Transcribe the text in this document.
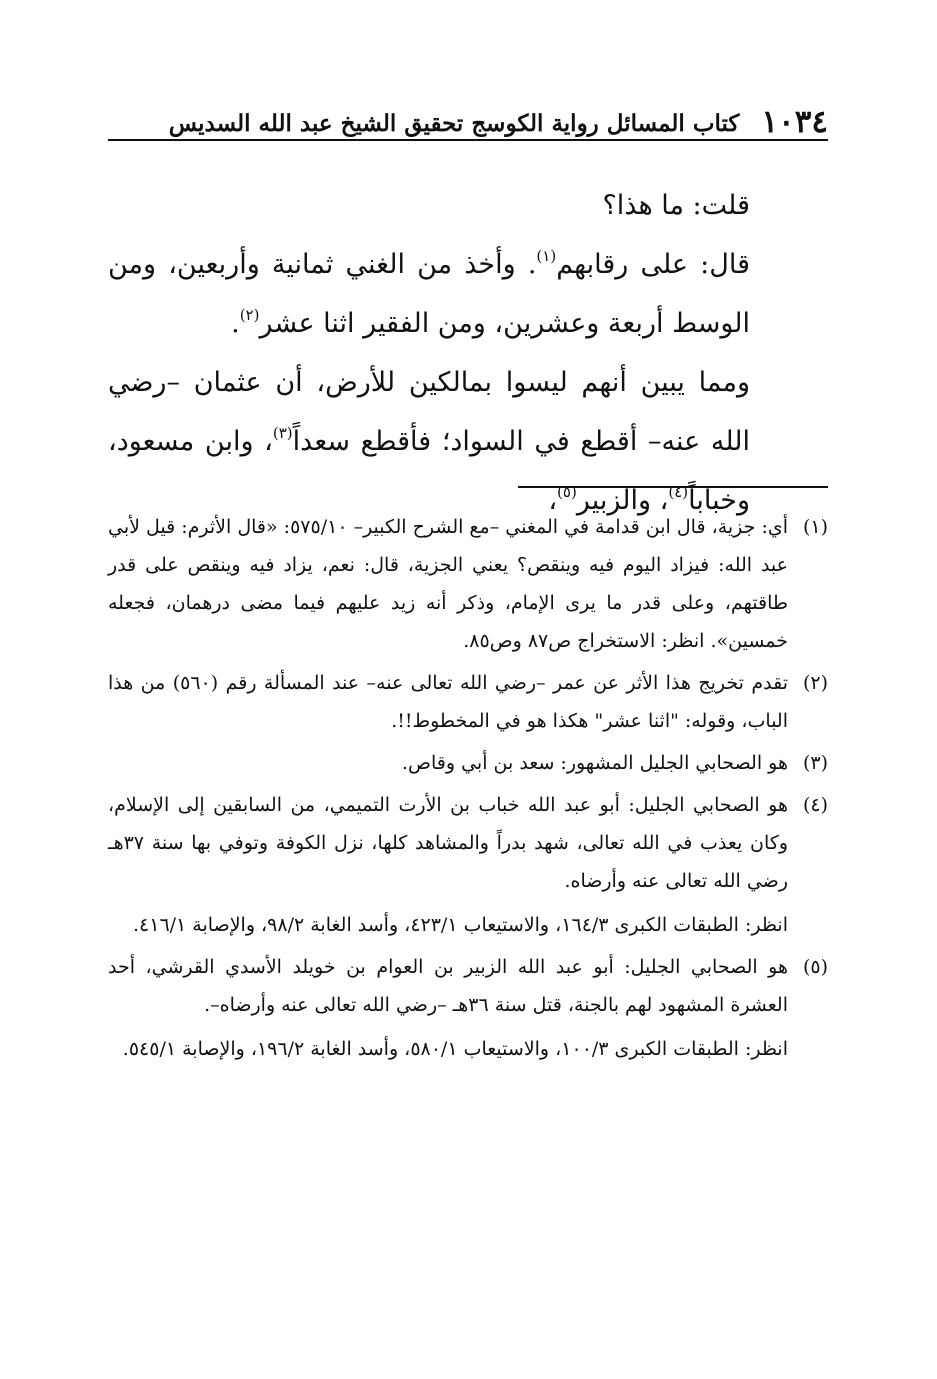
١٠٣٤
كتاب المسائل رواية الكوسج تحقيق الشيخ عبد الله السديس

قلت: ما هذا؟

قال: على رقابهم$^{(١)}$. وأخذ من الغني ثمانية وأربعين، ومن الوسط أربعة وعشرين، ومن الفقير اثنا عشر$^{(٢)}$.

ومما يبين أنهم ليسوا بمالكين للأرض، أن عثمان –رضي الله عنه– أقطع في السواد؛ فأقطع سعداً$^{(٣)}$، وابن مسعود، وخباباً$^{(٤)}$، والزبير$^{(٥)}$،

(١)
أي: جزية، قال ابن قدامة في المغني –مع الشرح الكبير– ٥٧٥/١٠: «قال الأثرم: قيل لأبي عبد الله: فيزاد اليوم فيه وينقص؟ يعني الجزية، قال: نعم، يزاد فيه وينقص على قدر طاقتهم، وعلى قدر ما يرى الإمام، وذكر أنه زيد عليهم فيما مضى درهمان، فجعله خمسين». انظر: الاستخراج ص٨٧ وص٨٥.
(٢)
تقدم تخريج هذا الأثر عن عمر –رضي الله تعالى عنه– عند المسألة رقم (٥٦٠) من هذا الباب، وقوله: "اثنا عشر" هكذا هو في المخطوط!!.
(٣)
هو الصحابي الجليل المشهور: سعد بن أبي وقاص.
(٤)
هو الصحابي الجليل: أبو عبد الله خباب بن الأرت التميمي، من السابقين إلى الإسلام، وكان يعذب في الله تعالى، شهد بدراً والمشاهد كلها، نزل الكوفة وتوفي بها سنة ٣٧هـ رضي الله تعالى عنه وأرضاه.
انظر: الطبقات الكبرى ١٦٤/٣، والاستيعاب ٤٢٣/١، وأسد الغابة ٩٨/٢، والإصابة ٤١٦/١.
(٥)
هو الصحابي الجليل: أبو عبد الله الزبير بن العوام بن خويلد الأسدي القرشي، أحد العشرة المشهود لهم بالجنة، قتل سنة ٣٦هـ –رضي الله تعالى عنه وأرضاه–.
انظر: الطبقات الكبرى ١٠٠/٣، والاستيعاب ٥٨٠/١، وأسد الغابة ١٩٦/٢، والإصابة ٥٤٥/١.
